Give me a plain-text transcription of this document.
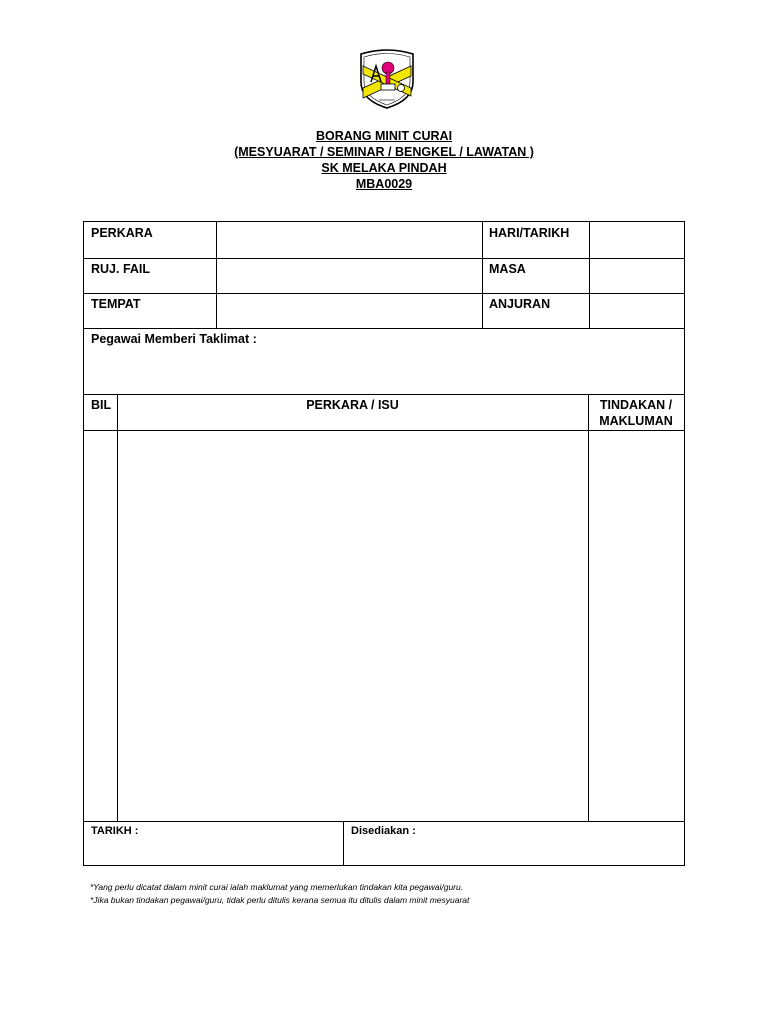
BORANG MINIT CURAI
(MESYUARAT / SEMINAR / BENGKEL / LAWATAN )
SK MELAKA PINDAH
MBA0029
PERKARA	HARI/TARIKH
RUJ. FAIL	MASA
TEMPAT	ANJURAN
Pegawai Memberi Taklimat :
BIL	PERKARA / ISU	TINDAKAN /
MAKLUMAN
TARIKH :	Disediakan :
*Yang perlu dicatat dalam minit curai ialah maklumat yang memerlukan tindakan kita pegawai/guru.
*Jika bukan tindakan pegawai/guru, tidak perlu ditulis kerana semua itu ditulis dalam minit mesyuarat
